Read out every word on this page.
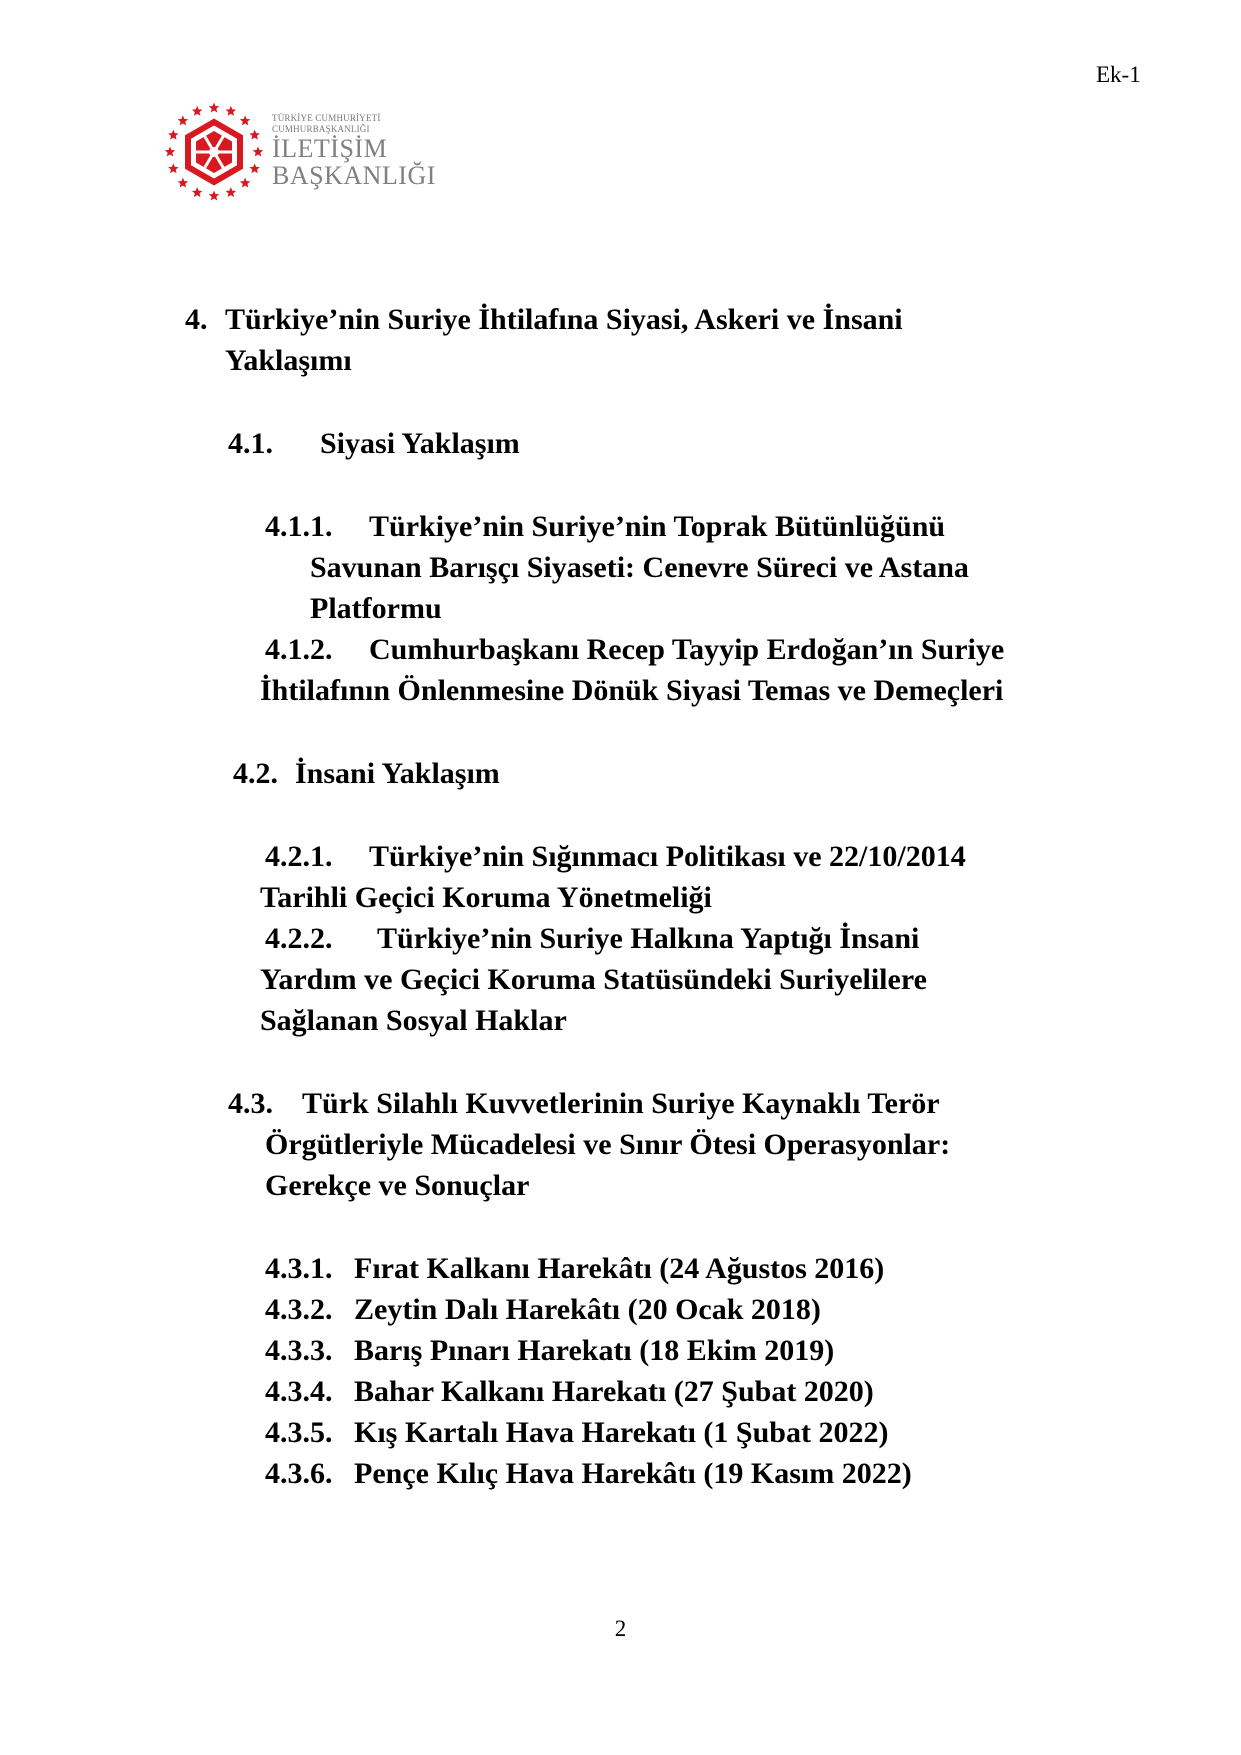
Ek-1
TÜRKİYE CUMHURİYETİ
CUMHURBAŞKANLIĞI
İLETİŞİM
BAŞKANLIĞI
4. Türkiye’nin Suriye İhtilafına Siyasi, Askeri ve İnsani
Yaklaşımı
4.1. Siyasi Yaklaşım
4.1.1. Türkiye’nin Suriye’nin Toprak Bütünlüğünü
Savunan Barışçı Siyaseti: Cenevre Süreci ve Astana
Platformu
4.1.2. Cumhurbaşkanı Recep Tayyip Erdoğan’ın Suriye
İhtilafının Önlenmesine Dönük Siyasi Temas ve Demeçleri
4.2. İnsani Yaklaşım
4.2.1. Türkiye’nin Sığınmacı Politikası ve 22/10/2014
Tarihli Geçici Koruma Yönetmeliği
4.2.2. Türkiye’nin Suriye Halkına Yaptığı İnsani
Yardım ve Geçici Koruma Statüsündeki Suriyelilere
Sağlanan Sosyal Haklar
4.3. Türk Silahlı Kuvvetlerinin Suriye Kaynaklı Terör
Örgütleriyle Mücadelesi ve Sınır Ötesi Operasyonlar:
Gerekçe ve Sonuçlar
4.3.1. Fırat Kalkanı Harekâtı (24 Ağustos 2016)
4.3.2. Zeytin Dalı Harekâtı (20 Ocak 2018)
4.3.3. Barış Pınarı Harekatı (18 Ekim 2019)
4.3.4. Bahar Kalkanı Harekatı (27 Şubat 2020)
4.3.5. Kış Kartalı Hava Harekatı (1 Şubat 2022)
4.3.6. Pençe Kılıç Hava Harekâtı (19 Kasım 2022)
2
